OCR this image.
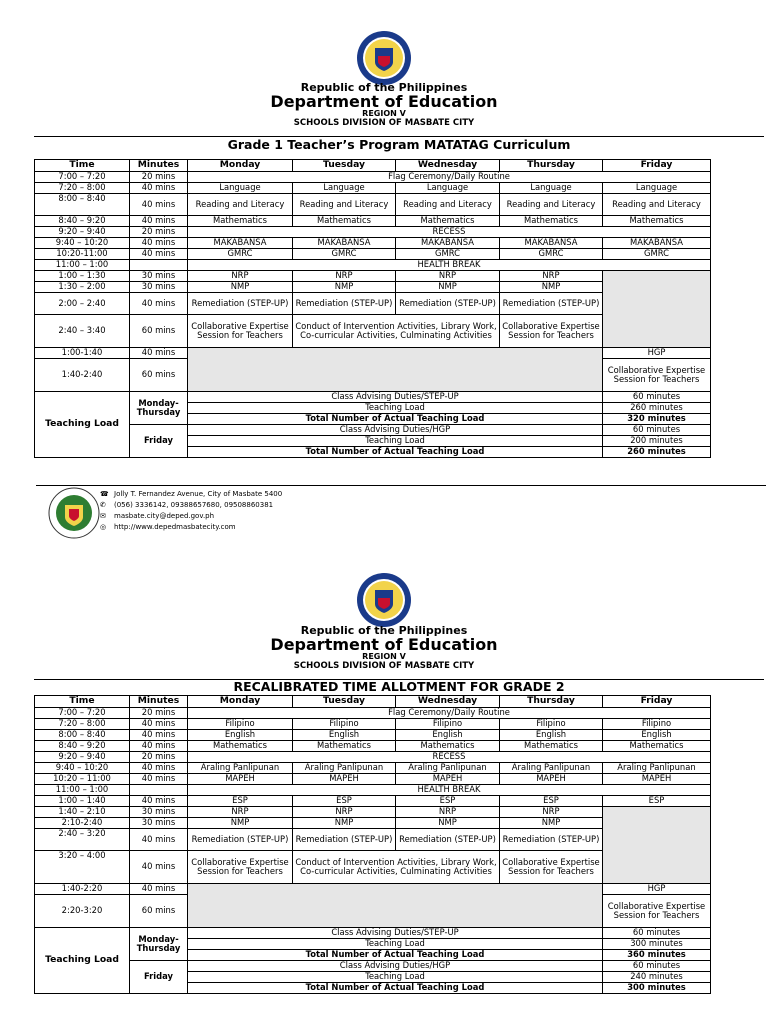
Republic of the Philippines
Department of Education
REGION V
SCHOOLS DIVISION OF MASBATE CITY
Grade 1 Teacher’s Program MATATAG Curriculum
Time	Minutes	Monday	Tuesday	Wednesday	Thursday	Friday
7:00 – 7:20	20 mins	Flag Ceremony/Daily Routine				
7:20 – 8:00	40 mins	Language	Language	Language	Language	Language
8:00 – 8:40	40 mins	Reading and Literacy	Reading and Literacy	Reading and Literacy	Reading and Literacy	Reading and Literacy
8:40 – 9:20	40 mins	Mathematics	Mathematics	Mathematics	Mathematics	Mathematics
9:20 – 9:40	20 mins	RECESS				
9:40 – 10:20	40 mins	MAKABANSA	MAKABANSA	MAKABANSA	MAKABANSA	MAKABANSA
10:20-11:00	40 mins	GMRC	GMRC	GMRC	GMRC	GMRC
11:00 – 1:00		HEALTH BREAK				
1:00 – 1:30	30 mins	NRP	NRP	NRP	NRP	
1:30 – 2:00	30 mins	NMP	NMP	NMP	NMP	
2:00 – 2:40	40 mins	Remediation (STEP-UP)	Remediation (STEP-UP)	Remediation (STEP-UP)	Remediation (STEP-UP)	
2:40 – 3:40	60 mins	Collaborative Expertise Session for Teachers	Conduct of Intervention Activities, Library Work, Co-curricular Activities, Culminating Activities		Collaborative Expertise Session for Teachers	
1:00-1:40	40 mins					HGP
1:40-2:40	60 mins					Collaborative Expertise Session for Teachers
Teaching Load	Monday-Thursday	Class Advising Duties/STEP-UP				60 minutes
		Teaching Load				260 minutes
		Total Number of Actual Teaching Load				320 minutes
	Friday	Class Advising Duties/HGP				60 minutes
		Teaching Load				200 minutes
		Total Number of Actual Teaching Load				260 minutes
☎ Jolly T. Fernandez Avenue, City of Masbate 5400
✆	(056) 3336142, 09388657680, 09508860381
✉	masbate.city@deped.gov.ph
◎	http://www.depedmasbatecity.com
Republic of the Philippines
Department of Education
REGION V
SCHOOLS DIVISION OF MASBATE CITY
RECALIBRATED TIME ALLOTMENT FOR GRADE 2
Time	Minutes	Monday	Tuesday	Wednesday	Thursday	Friday
7:00 – 7:20	20 mins	Flag Ceremony/Daily Routine				
7:20 – 8:00	40 mins	Filipino	Filipino	Filipino	Filipino	Filipino
8:00 – 8:40	40 mins	English	English	English	English	English
8:40 – 9:20	40 mins	Mathematics	Mathematics	Mathematics	Mathematics	Mathematics
9:20 – 9:40	20 mins	RECESS				
9:40 – 10:20	40 mins	Araling Panlipunan	Araling Panlipunan	Araling Panlipunan	Araling Panlipunan	Araling Panlipunan
10:20 – 11:00	40 mins	MAPEH	MAPEH	MAPEH	MAPEH	MAPEH
11:00 – 1:00		HEALTH BREAK				
1:00 – 1:40	40 mins	ESP	ESP	ESP	ESP	ESP
1:40 – 2:10	30 mins	NRP	NRP	NRP	NRP	
2:10-2:40	30 mins	NMP	NMP	NMP	NMP	
2:40 – 3:20	40 mins	Remediation (STEP-UP)	Remediation (STEP-UP)	Remediation (STEP-UP)	Remediation (STEP-UP)	
3:20 – 4:00	40 mins	Collaborative Expertise Session for Teachers	Conduct of Intervention Activities, Library Work, Co-curricular Activities, Culminating Activities		Collaborative Expertise Session for Teachers	
1:40-2:20	40 mins					HGP
2:20-3:20	60 mins					Collaborative Expertise Session for Teachers
Teaching Load	Monday-Thursday	Class Advising Duties/STEP-UP				60 minutes
		Teaching Load				300 minutes
		Total Number of Actual Teaching Load				360 minutes
	Friday	Class Advising Duties/HGP				60 minutes
		Teaching Load				240 minutes
		Total Number of Actual Teaching Load				300 minutes
